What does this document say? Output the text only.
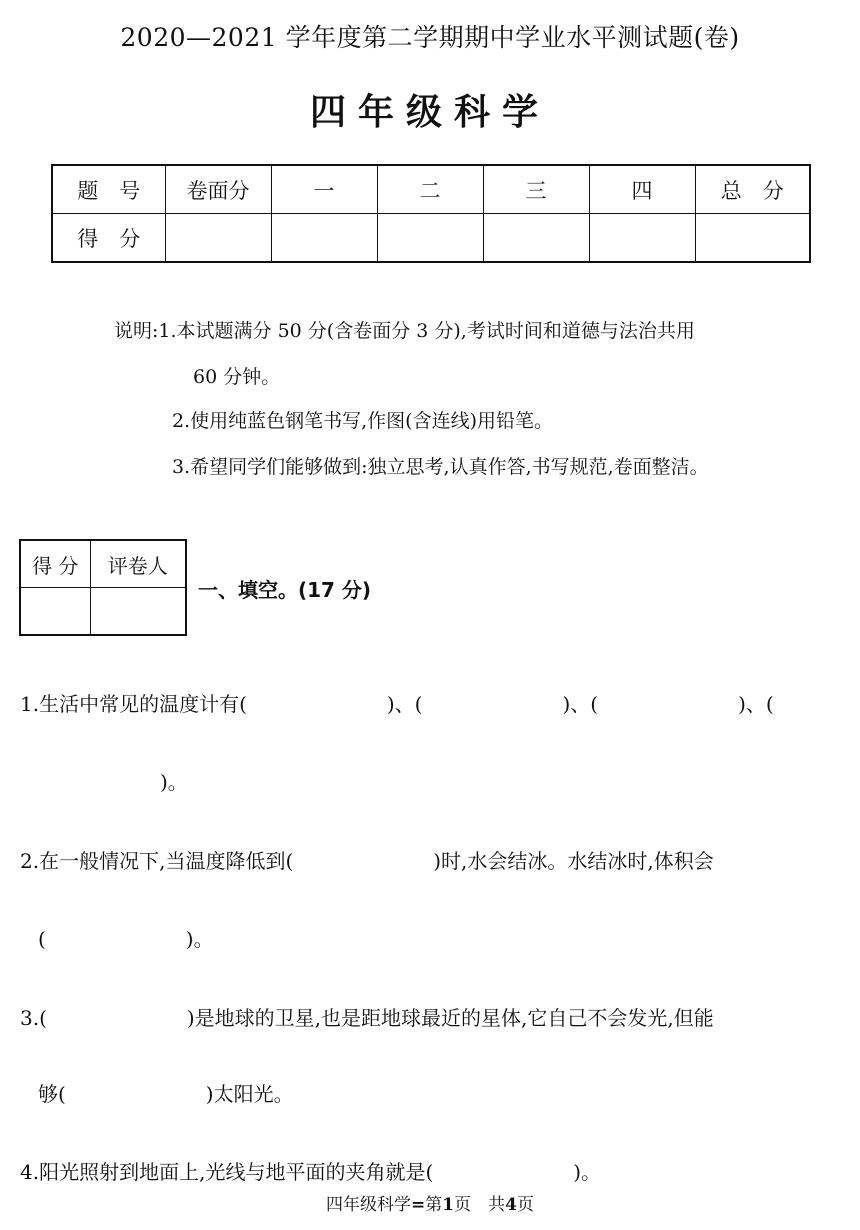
2020—2021 学年度第二学期期中学业水平测试题(卷)
四年级科学
题　号	卷面分	一	二	三	四	总　分
得　分						
说明:1.本试题满分 50 分(含卷面分 3 分),考试时间和道德与法治共用
60 分钟。
2.使用纯蓝色钢笔书写,作图(含连线)用铅笔。
3.希望同学们能够做到:独立思考,认真作答,书写规范,卷面整洁。
得 分	评卷人

一、填空。(17 分)
1.生活中常见的温度计有(　　　　　　　)、(　　　　　　　)、(　　　　　　　)、(
　　　　　　　)。
2.在一般情况下,当温度降低到(　　　　　　　)时,水会结冰。水结冰时,体积会
(　　　　　　　)。
3.(　　　　　　　)是地球的卫星,也是距地球最近的星体,它自己不会发光,但能
够(　　　　　　　)太阳光。
4.阳光照射到地面上,光线与地平面的夹角就是(　　　　　　　)。
四年级科学=第1页　共4页
